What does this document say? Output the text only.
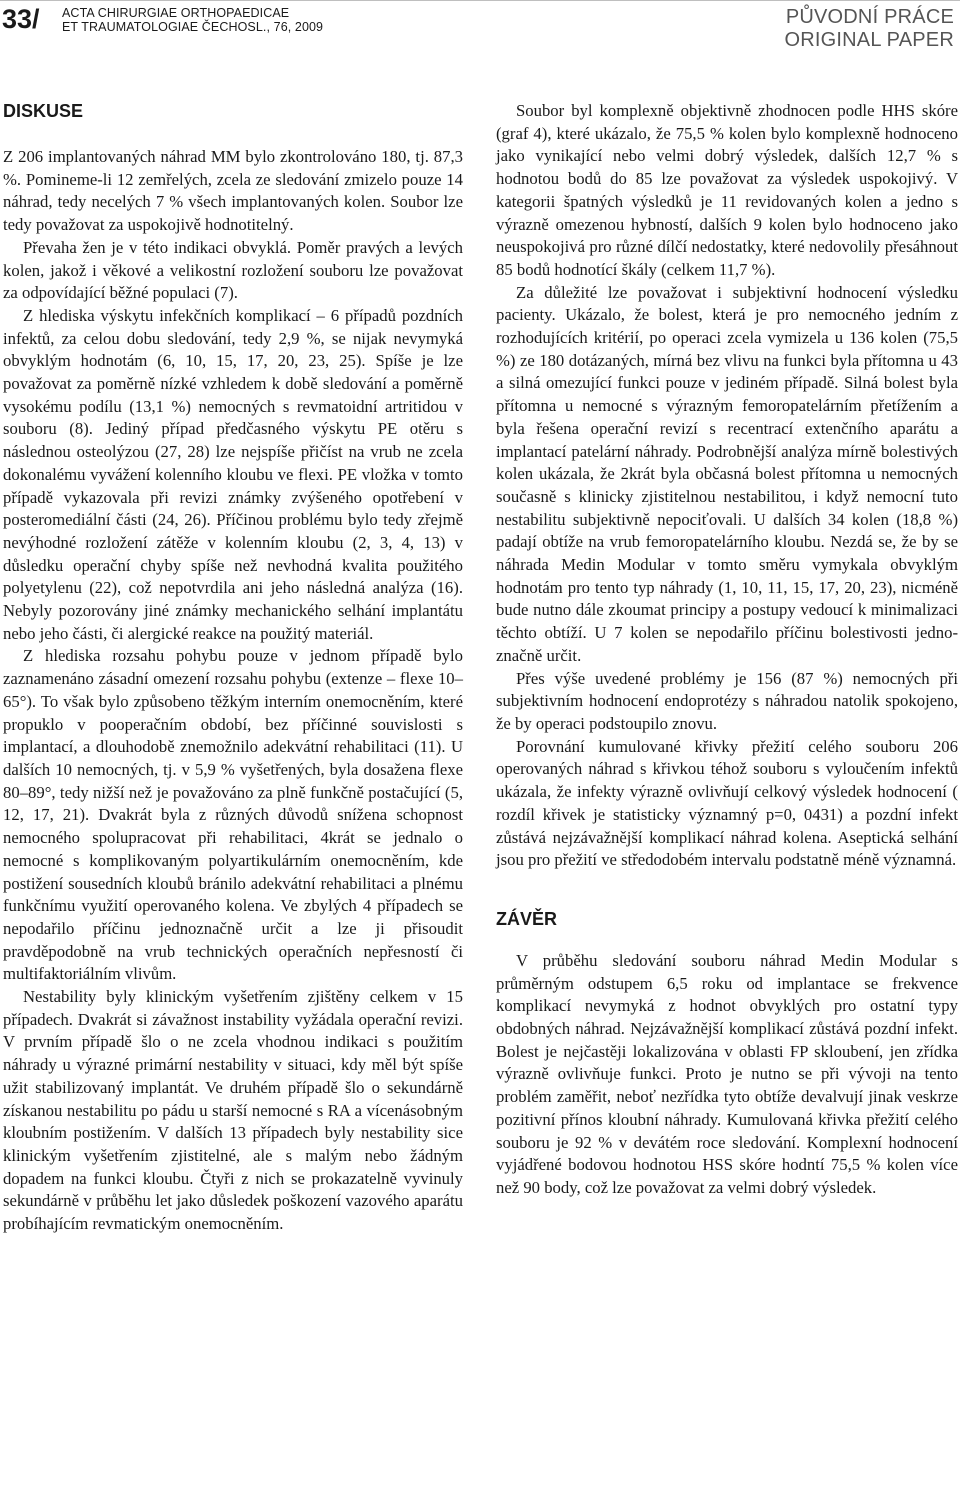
33/ ACTA CHIRURGIAE ORTHOPAEDICAE
ET TRAUMATOLOGIAE ČECHOSL., 76, 2009	PŮVODNÍ PRÁCE
ORIGINAL PAPER
DISKUSE

Z 206 implantovaných náhrad MM bylo zkontrolováno 180, tj. 87,3 %. Pomineme-li 12 zemřelých, zcela ze sledování zmizelo pouze 14 náhrad, tedy necelých 7 % všech implantovaných kolen. Soubor lze tedy považovat za uspokojivě hodnotitelný.

Převaha žen je v této indikaci obvyklá. Poměr pravých a levých kolen, jakož i věkové a velikostní rozložení souboru lze považovat za odpovídající běžné populaci (7).

Z hlediska výskytu infekčních komplikací – 6 případů pozdních infektů, za celou dobu sledování, tedy 2,9 %, se nijak nevymyká obvyklým hodnotám (6, 10, 15, 17, 20, 23, 25). Spíše je lze považovat za poměrně nízké vzhledem k době sledování a poměrně vysokému podílu (13,1 %) nemocných s revmatoidní artritidou v souboru (8). Jediný případ předčasného výskytu PE otěru s následnou osteolýzou (27, 28) lze nejspíše přičíst na vrub ne zcela dokonalému vyvážení kolenního kloubu ve flexi. PE vložka v tomto případě vykazovala při revizi známky zvýšeného opotřebení v posteromediální části (24, 26). Příčinou problému bylo tedy zřejmě nevýhodné rozložení zátěže v kolenním kloubu (2, 3, 4, 13) v důsledku operační chyby spíše než nevhodná kvalita použitého polyetylenu (22), což nepotvrdila ani jeho následná analýza (16). Nebyly pozorovány jiné známky mechanického selhání implantátu nebo jeho části, či alergické reakce na použitý materiál.

Z hlediska rozsahu pohybu pouze v jednom případě bylo zaznamenáno zásadní omezení rozsahu pohybu (extenze – flexe 10–65°). To však bylo způsobeno těžkým interním onemocněním, které propuklo v pooperačním období, bez příčinné souvislosti s implantací, a dlouhodobě znemožnilo adekvátní rehabilitaci (11). U dalších 10 nemocných, tj. v 5,9 % vyšetřených, byla dosažena flexe 80–89°, tedy nižší než je považováno za plně funkčně postačující (5, 12, 17, 21). Dvakrát byla z různých důvodů snížena schopnost nemocného spolupracovat při rehabilitaci, 4krát se jednalo o nemocné s komplikovaným polyartikulárním onemocněním, kde postižení sousedních kloubů bránilo adekvátní rehabilitaci a plnému funkčnímu využití operovaného kolena. Ve zbylých 4 případech se nepodařilo příčinu jednoznačně určit a lze ji přisoudit pravděpodobně na vrub technických operačních nepřesností či multifaktoriálním vlivům.

Nestability byly klinickým vyšetřením zjištěny celkem v 15 případech. Dvakrát si závažnost instability vyžádala operační revizi. V prvním případě šlo o ne zcela vhodnou indikaci s použitím náhrady u výrazné primární nestability v situaci, kdy měl být spíše užit stabilizovaný implantát. Ve druhém případě šlo o sekundárně získanou nestabilitu po pádu u starší nemocné s RA a vícenásobným kloubním postižením. V dalších 13 případech byly nestability sice klinickým vyšetřením zjistitelné, ale s malým nebo žádným dopadem na funkci kloubu. Čtyři z nich se prokazatelně vyvinuly sekundárně v průběhu let jako důsledek poškození vazového aparátu probíhajícím revmatickým onemocněním.

Soubor byl komplexně objektivně zhodnocen podle HHS skóre (graf 4), které ukázalo, že 75,5 % kolen bylo komplexně hodnoceno jako vynikající nebo velmi dobrý výsledek, dalších 12,7 % s hodnotou bodů do 85 lze považovat za výsledek uspokojivý. V kategorii špatných výsledků je 11 revidovaných kolen a jedno s výrazně omezenou hybností, dalších 9 kolen bylo hodnoceno jako neuspokojivá pro různé dílčí nedostatky, které nedovolily přesáhnout 85 bodů hodnotící škály (celkem 11,7 %).

Za důležité lze považovat i subjektivní hodnocení výsledku pacienty. Ukázalo, že bolest, která je pro nemocného jedním z rozhodujících kritérií, po operaci zcela vymizela u 136 kolen (75,5 %) ze 180 dotázaných, mírná bez vlivu na funkci byla přítomna u 43 a silná omezující funkci pouze v jediném případě. Silná bolest byla přítomna u nemocné s výrazným femoropatelárním přetížením a byla řešena operační revizí s recentrací extenčního aparátu a implantací patelární náhrady. Podrobnější analýza mírně bolestivých kolen ukázala, že 2krát byla občasná bolest přítomna u nemocných současně s klinicky zjistitelnou nestabilitou, i když nemocní tuto nestabilitu subjektivně nepociťovali. U dalších 34 kolen (18,8 %) padají obtíže na vrub femoropatelárního kloubu. Nezdá se, že by se náhrada Medin Modular v tomto směru vymykala obvyklým hodnotám pro tento typ náhrady (1, 10, 11, 15, 17, 20, 23), nicméně bude nutno dále zkoumat principy a postupy vedoucí k minimalizaci těchto obtíží. U 7 kolen se nepodařilo příčinu bolestivosti jednoznačně určit.

Přes výše uvedené problémy je 156 (87 %) nemocných při subjektivním hodnocení endoprotézy s náhradou natolik spokojeno, že by operaci podstoupilo znovu.

Porovnání kumulované křivky přežití celého souboru 206 operovaných náhrad s křivkou téhož souboru s vyloučením infektů ukázala, že infekty výrazně ovlivňují celkový výsledek hodnocení ( rozdíl křivek je statisticky významný p=0, 0431) a pozdní infekt zůstává nejzávažnější komplikací náhrad kolena. Aseptická selhání jsou pro přežití ve středodobém intervalu podstatně méně významná.

ZÁVĚR

V průběhu sledování souboru náhrad Medin Modular s průměrným odstupem 6,5 roku od implantace se frekvence komplikací nevymyká z hodnot obvyklých pro ostatní typy obdobných náhrad. Nejzávažnější komplikací zůstává pozdní infekt. Bolest je nejčastěji lokalizována v oblasti FP skloubení, jen zřídka výrazně ovlivňuje funkci. Proto je nutno se při vývoji na tento problém zaměřit, neboť nezřídka tyto obtíže devalvují jinak veskrze pozitivní přínos kloubní náhrady. Kumulovaná křivka přežití celého souboru je 92 % v devátém roce sledování. Komplexní hodnocení vyjádřené bodovou hodnotou HSS skóre hodntí 75,5 % kolen více než 90 body, což lze považovat za velmi dobrý výsledek.
